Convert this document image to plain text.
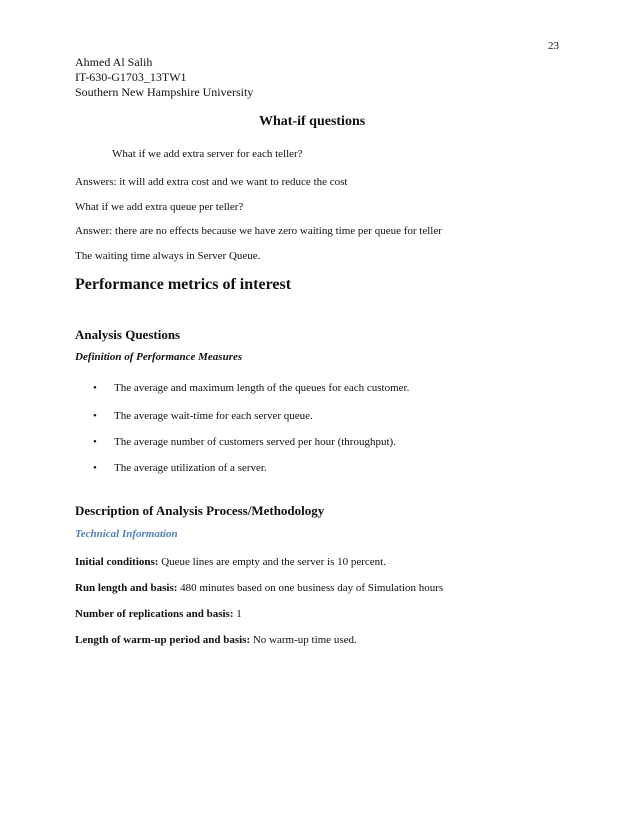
23
Ahmed Al Salih
IT-630-G1703_13TW1
Southern New Hampshire University
What-if questions
What if we add extra server for each teller?
Answers: it will add extra cost and we want to reduce the cost
What if we add extra queue per teller?
Answer: there are no effects because we have zero waiting time per queue for teller
The waiting time always in Server Queue.
Performance metrics of interest
Analysis Questions
Definition of Performance Measures
• The average and maximum length of the queues for each customer.
• The average wait-time for each server queue.
• The average number of customers served per hour (throughput).
• The average utilization of a server.
Description of Analysis Process/Methodology
Technical Information
Initial conditions: Queue lines are empty and the server is 10 percent.
Run length and basis: 480 minutes based on one business day of Simulation hours
Number of replications and basis: 1
Length of warm-up period and basis: No warm-up time used.
